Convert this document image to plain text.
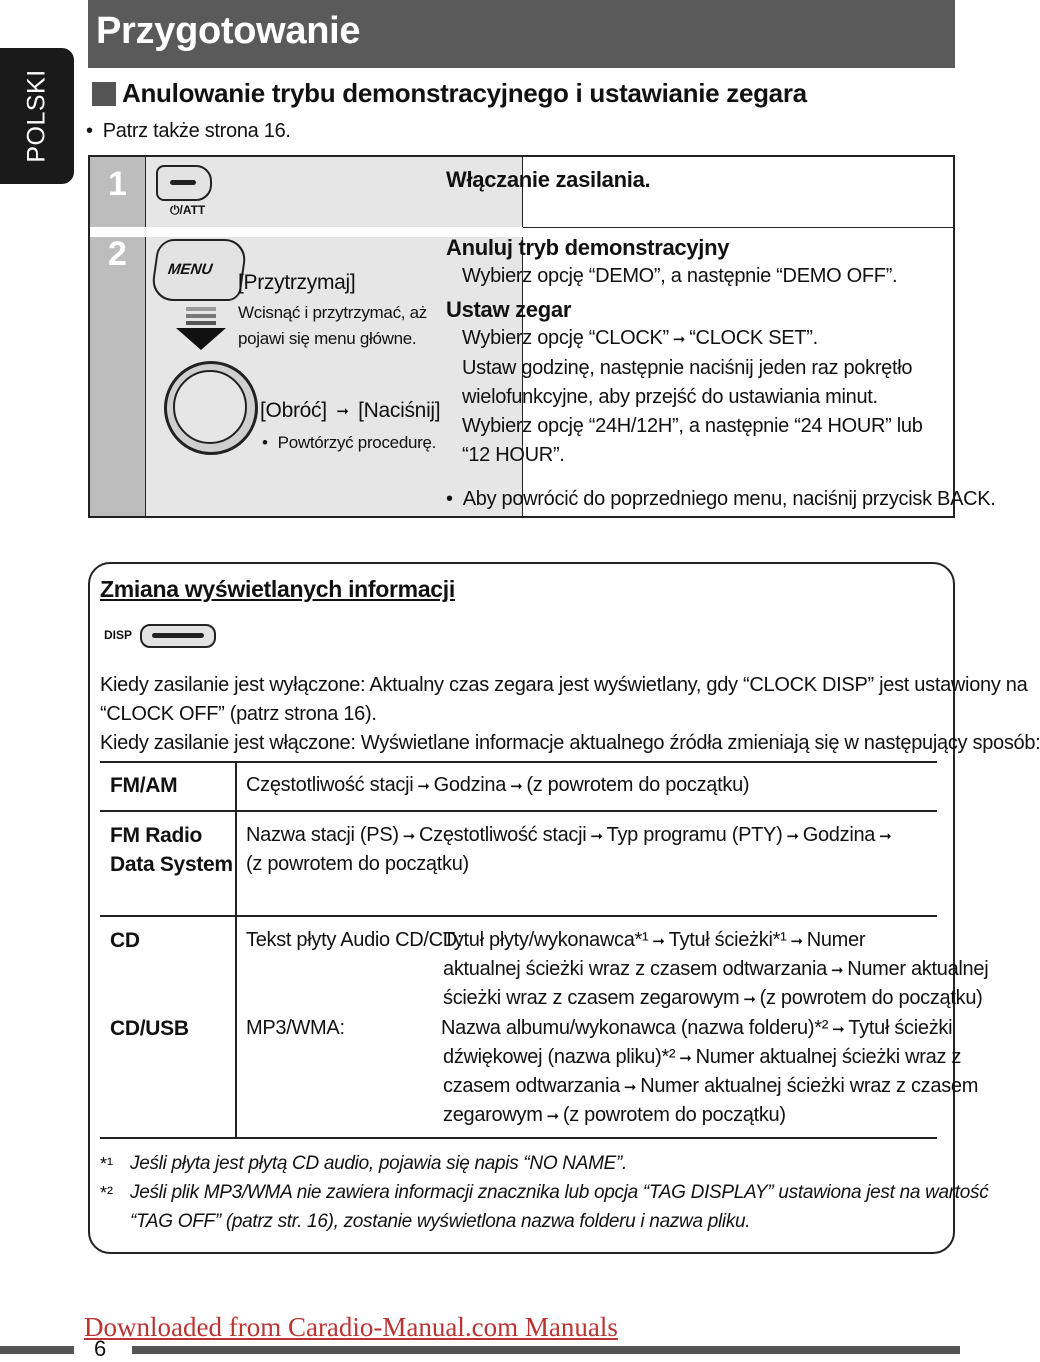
POLSKI
Przygotowanie
Anulowanie trybu demonstracyjnego i ustawianie zegara
• Patrz także strona 16.
1
2
⏻/ATT
Włączanie zasilania.
MENU
[Przytrzymaj]
Wcisnąć i przytrzymać, aż
pojawi się menu główne.
[Obróć] ➞ [Naciśnij]
• Powtórzyć procedurę.
Anuluj tryb demonstracyjny
Wybierz opcję “DEMO”, a następnie “DEMO OFF”.
Ustaw zegar
Wybierz opcję “CLOCK” ➞ “CLOCK SET”.
Ustaw godzinę, następnie naciśnij jeden raz pokrętło
wielofunkcyjne, aby przejść do ustawiania minut.
Wybierz opcję “24H/12H”, a następnie “24 HOUR” lub
“12 HOUR”.
• Aby powrócić do poprzedniego menu, naciśnij przycisk BACK.
Zmiana wyświetlanych informacji
DISP
Kiedy zasilanie jest wyłączone: Aktualny czas zegara jest wyświetlany, gdy “CLOCK DISP” jest ustawiony na
“CLOCK OFF” (patrz strona 16).
Kiedy zasilanie jest włączone: Wyświetlane informacje aktualnego źródła zmieniają się w następujący sposób:
FM/AM	Częstotliwość stacji ➞ Godzina ➞ (z powrotem do początku)
FM Radio
Data System
Nazwa stacji (PS) ➞ Częstotliwość stacji ➞ Typ programu (PTY) ➞ Godzina ➞
(z powrotem do początku)
CD
CD/USB
Tekst płyty Audio CD/CD:
Tytuł płyty/wykonawca*¹ ➞ Tytuł ścieżki*¹ ➞ Numer
aktualnej ścieżki wraz z czasem odtwarzania ➞ Numer aktualnej
ścieżki wraz z czasem zegarowym ➞ (z powrotem do początku)
MP3/WMA:	Nazwa albumu/wykonawca (nazwa folderu)*² ➞ Tytuł ścieżki
dźwiękowej (nazwa pliku)*² ➞ Numer aktualnej ścieżki wraz z
czasem odtwarzania ➞ Numer aktualnej ścieżki wraz z czasem
zegarowym ➞ (z powrotem do początku)
*¹ Jeśli płyta jest płytą CD audio, pojawia się napis “NO NAME”.
*² Jeśli plik MP3/WMA nie zawiera informacji znacznika lub opcja “TAG DISPLAY” ustawiona jest na wartość
“TAG OFF” (patrz str. 16), zostanie wyświetlona nazwa folderu i nazwa pliku.
6
Downloaded from Caradio-Manual.com Manuals
